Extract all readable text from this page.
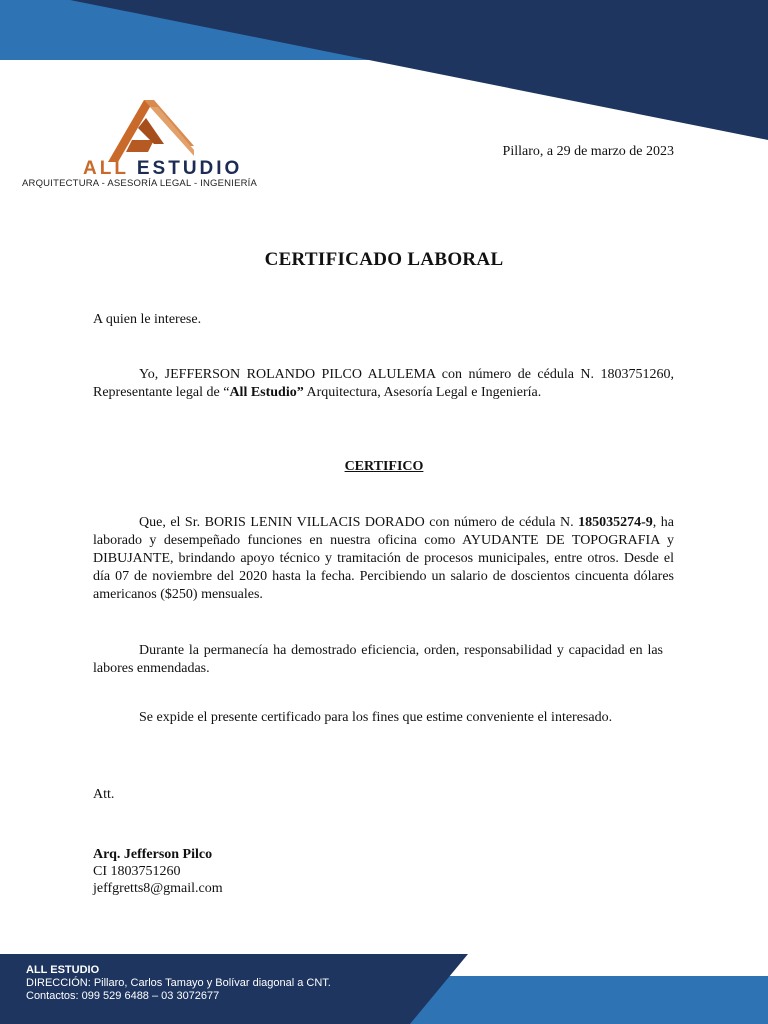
ALL ESTUDIO
ARQUITECTURA - ASESORÍA LEGAL - INGENIERÍA
Pillaro, a 29 de marzo de 2023
CERTIFICADO LABORAL
A quien le interese.
Yo, JEFFERSON ROLANDO PILCO ALULEMA con número de cédula N. 1803751260, Representante legal de “All Estudio” Arquitectura, Asesoría Legal e Ingeniería.
CERTIFICO
Que, el Sr. BORIS LENIN VILLACIS DORADO con número de cédula N. 185035274-9, ha laborado y desempeñado funciones en nuestra oficina como AYUDANTE DE TOPOGRAFIA y DIBUJANTE, brindando apoyo técnico y tramitación de procesos municipales, entre otros. Desde el día 07 de noviembre del 2020 hasta la fecha. Percibiendo un salario de doscientos cincuenta dólares americanos ($250) mensuales.
Durante la permanecía ha demostrado eficiencia, orden, responsabilidad y capacidad en las labores enmendadas.
Se expide el presente certificado para los fines que estime conveniente el interesado.
Att.
Arq. Jefferson Pilco
CI 1803751260
jeffgretts8@gmail.com
ALL ESTUDIO
DIRECCIÓN: Pillaro, Carlos Tamayo y Bolívar diagonal a CNT.
Contactos: 099 529 6488 – 03 3072677
